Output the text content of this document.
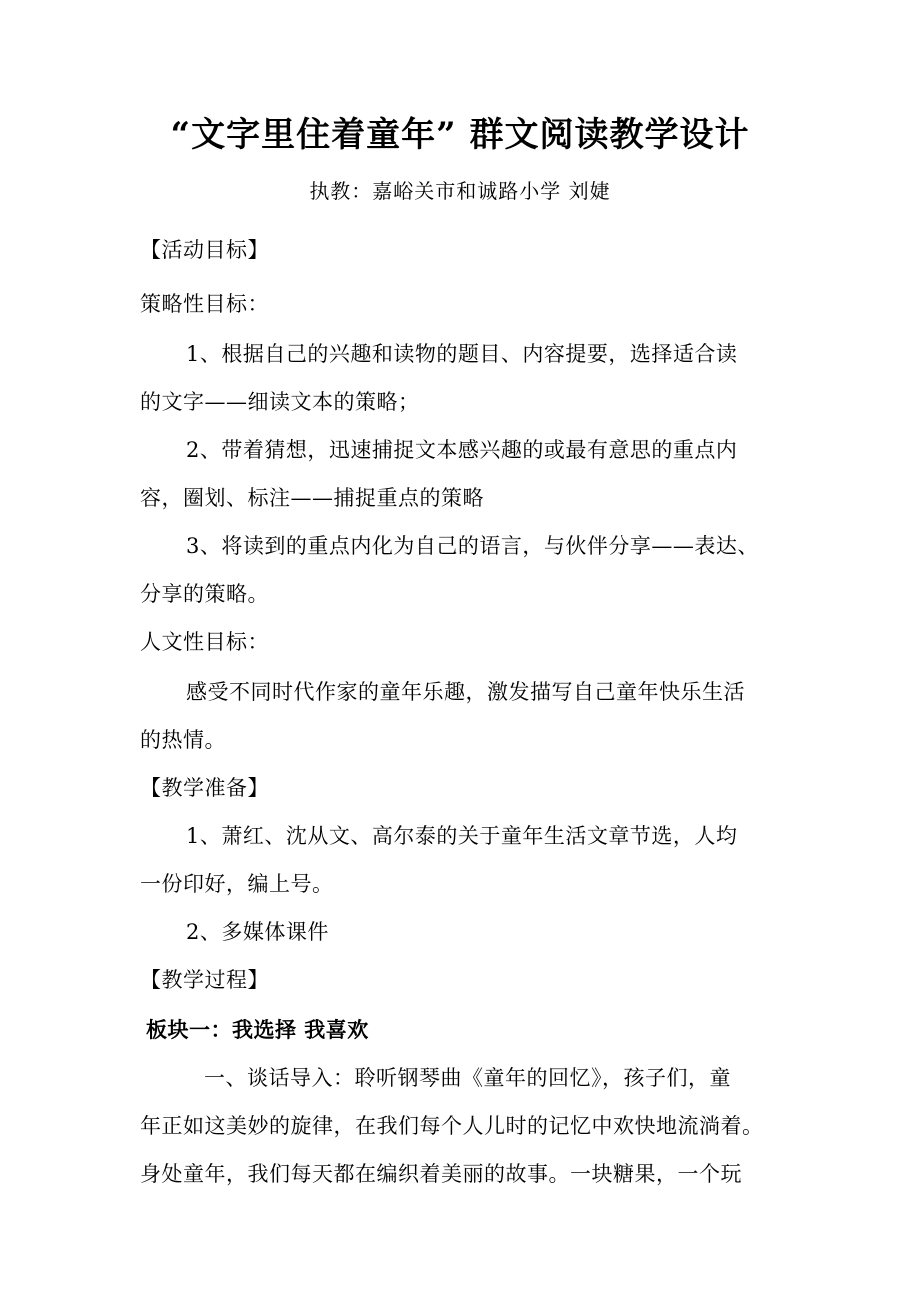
“文字里住着童年” 群文阅读教学设计
执教：嘉峪关市和诚路小学 刘婕
【活动目标】
策略性目标：
1、根据自己的兴趣和读物的题目、内容提要，选择适合读
的文字——细读文本的策略；
2、带着猜想，迅速捕捉文本感兴趣的或最有意思的重点内
容，圈划、标注——捕捉重点的策略
3、将读到的重点内化为自己的语言，与伙伴分享——表达、
分享的策略。
人文性目标：
感受不同时代作家的童年乐趣，激发描写自己童年快乐生活
的热情。
【教学准备】
1、萧红、沈从文、高尔泰的关于童年生活文章节选，人均
一份印好，编上号。
2、多媒体课件
【教学过程】
板块一：我选择 我喜欢
一、谈话导入：聆听钢琴曲《童年的回忆》，孩子们，童
年正如这美妙的旋律，在我们每个人儿时的记忆中欢快地流淌着。
身处童年，我们每天都在编织着美丽的故事。一块糖果，一个玩
